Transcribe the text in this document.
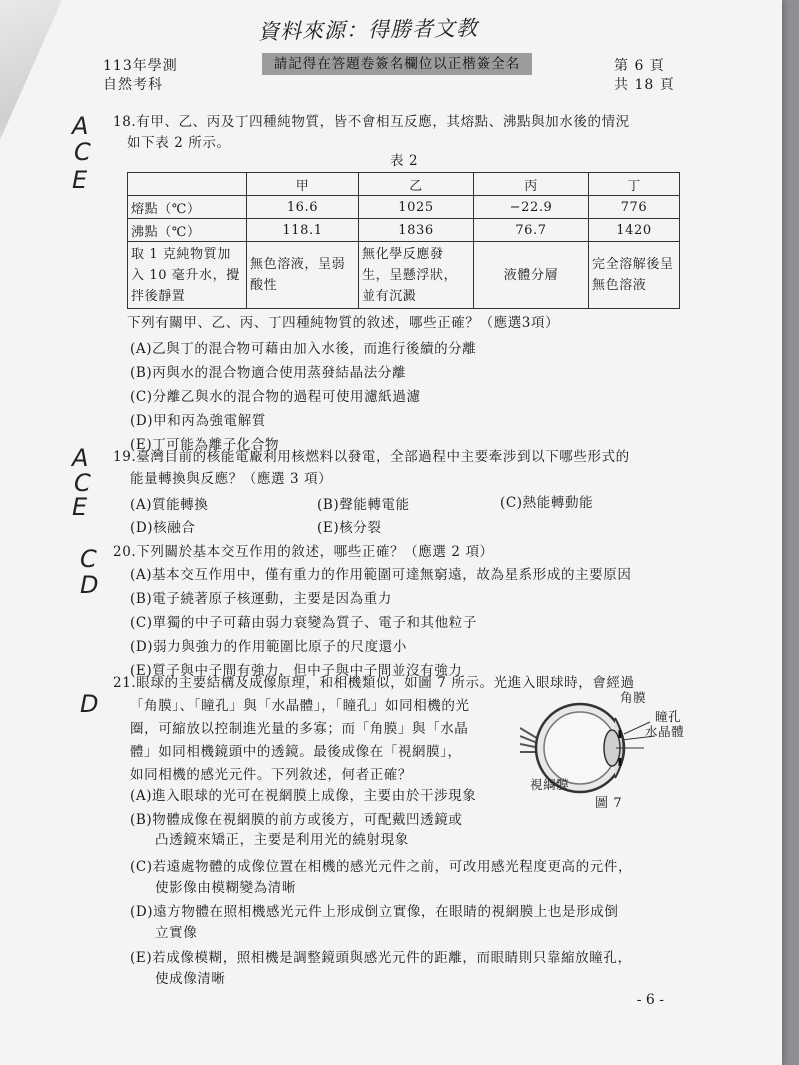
資料來源：得勝者文教
113年學測
自然考科
請記得在答題卷簽名欄位以正楷簽全名	第 6 頁
共 18 頁
A
C
E
18.有甲、乙、丙及丁四種純物質，皆不會相互反應，其熔點、沸點與加水後的情況
如下表 2 所示。
表 2
	甲	乙	丙	丁
熔點（℃）	16.6	1025	−22.9	776
沸點（℃）	118.1	1836	76.7	1420
取 1 克純物質加入 10 毫升水，攪拌後靜置	無色溶液，呈弱酸性	無化學反應發生，呈懸浮狀，並有沉澱	液體分層	完全溶解後呈無色溶液
下列有關甲、乙、丙、丁四種純物質的敘述，哪些正確？（應選3項）
(A)乙與丁的混合物可藉由加入水後，而進行後續的分離
(B)丙與水的混合物適合使用蒸發結晶法分離
(C)分離乙與水的混合物的過程可使用濾紙過濾
(D)甲和丙為強電解質
(E)丁可能為離子化合物
A
C
E
19.臺灣目前的核能電廠利用核燃料以發電，全部過程中主要牽涉到以下哪些形式的
能量轉換與反應？（應選 3 項）
(A)質能轉換	(B)聲能轉電能	(C)熱能轉動能
(D)核融合	(E)核分裂
C
D
20.下列關於基本交互作用的敘述，哪些正確？（應選 2 項）
(A)基本交互作用中，僅有重力的作用範圍可達無窮遠，故為星系形成的主要原因
(B)電子繞著原子核運動，主要是因為重力
(C)單獨的中子可藉由弱力衰變為質子、電子和其他粒子
(D)弱力與強力的作用範圍比原子的尺度還小
(E)質子與中子間有強力，但中子與中子間並沒有強力
D
21.眼球的主要結構及成像原理，和相機類似，如圖 7 所示。光進入眼球時，會經過
「角膜」、「瞳孔」與「水晶體」，「瞳孔」如同相機的光
圈，可縮放以控制進光量的多寡；而「角膜」與「水晶
體」如同相機鏡頭中的透鏡。最後成像在「視網膜」，
如同相機的感光元件。下列敘述，何者正確？
角膜
瞳孔
水晶體
視網膜
圖 7
(A)進入眼球的光可在視網膜上成像，主要由於干涉現象
(B)物體成像在視網膜的前方或後方，可配戴凹透鏡或
凸透鏡來矯正，主要是利用光的繞射現象
(C)若遠處物體的成像位置在相機的感光元件之前，可改用感光程度更高的元件，
使影像由模糊變為清晰
(D)遠方物體在照相機感光元件上形成倒立實像，在眼睛的視網膜上也是形成倒
立實像
(E)若成像模糊，照相機是調整鏡頭與感光元件的距離，而眼睛則只靠縮放瞳孔，
使成像清晰
- 6 -
